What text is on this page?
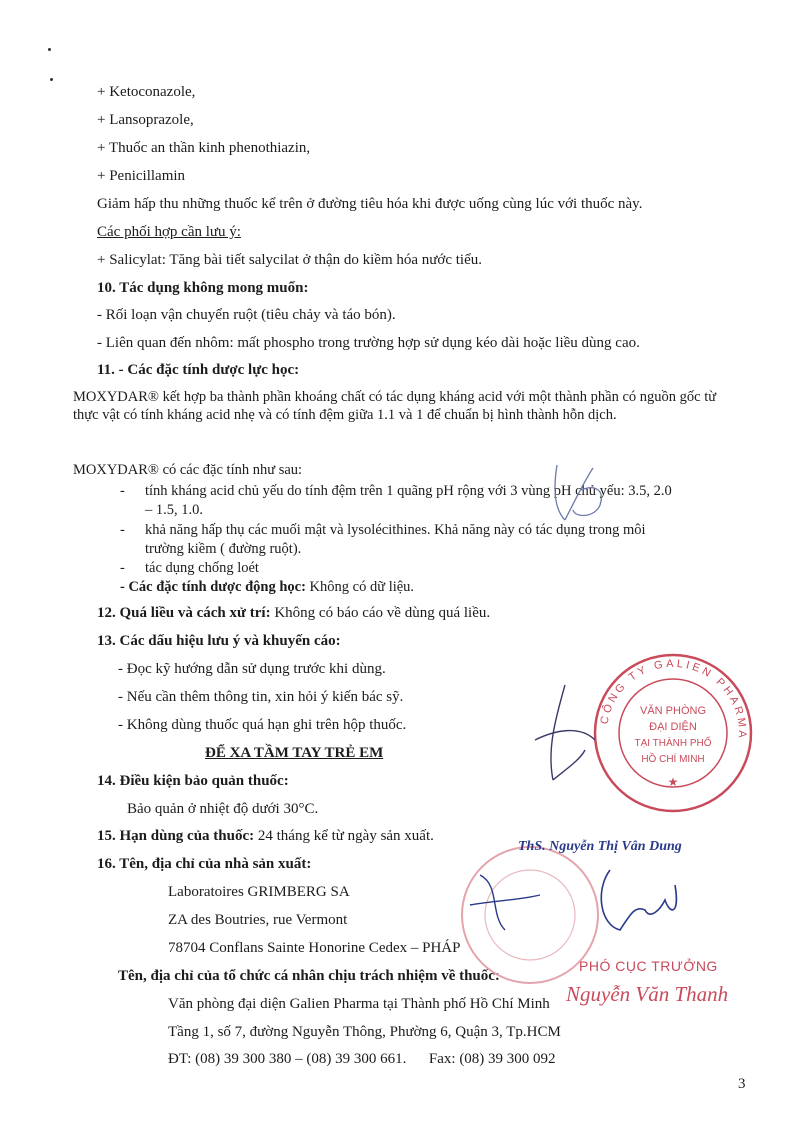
+ Ketoconazole,
+ Lansoprazole,
+ Thuốc an thần kinh phenothiazin,
+ Penicillamin
Giảm hấp thu những thuốc kể trên ở đường tiêu hóa khi được uống cùng lúc với thuốc này.
Các phối hợp cần lưu ý:
+ Salicylat: Tăng bài tiết salycilat ở thận do kiềm hóa nước tiểu.
10. Tác dụng không mong muốn:
- Rối loạn vận chuyển ruột (tiêu chảy và táo bón).
- Liên quan đến nhôm: mất phospho trong trường hợp sử dụng kéo dài hoặc liều dùng cao.
11. - Các đặc tính dược lực học:
MOXYDAR® kết hợp ba thành phần khoáng chất có tác dụng kháng acid với một thành phần có nguồn gốc từ thực vật có tính kháng acid nhẹ và có tính đệm giữa 1.1 và 1 để chuẩn bị hình thành hỗn dịch.
MOXYDAR® có các đặc tính như sau:
- tính kháng acid chủ yếu do tính đệm trên 1 quãng pH rộng với 3 vùng pH chủ yếu: 3.5, 2.0
– 1.5, 1.0.
- khả năng hấp thụ các muối mật và lysolécithines. Khả năng này có tác dụng trong môi
trường kiềm ( đường ruột).
- tác dụng chống loét
- Các đặc tính dược động học: Không có dữ liệu.
12. Quá liều và cách xử trí: Không có báo cáo về dùng quá liều.
13. Các dấu hiệu lưu ý và khuyến cáo:
- Đọc kỹ hướng dẫn sử dụng trước khi dùng.
- Nếu cần thêm thông tin, xin hỏi ý kiến bác sỹ.
- Không dùng thuốc quá hạn ghi trên hộp thuốc.
ĐỂ XA TẦM TAY TRẺ EM
14. Điều kiện bảo quản thuốc:
Bảo quản ở nhiệt độ dưới 30°C.
15. Hạn dùng của thuốc: 24 tháng kể từ ngày sản xuất.
16. Tên, địa chỉ của nhà sản xuất:
Laboratoires GRIMBERG SA
ZA des Boutries, rue Vermont
78704 Conflans Sainte Honorine Cedex – PHÁP
Tên, địa chỉ của tổ chức cá nhân chịu trách nhiệm về thuốc:
Văn phòng đại diện Galien Pharma tại Thành phố Hồ Chí Minh
Tầng 1, số 7, đường Nguyễn Thông, Phường 6, Quận 3, Tp.HCM
ĐT: (08) 39 300 380 – (08) 39 300 661.      Fax: (08) 39 300 092
3
CÔNG TY GALIEN PHARMA
VĂN PHÒNG
ĐẠI DIỆN
TẠI THÀNH PHỐ
HỒ CHÍ MINH
★
ThS. Nguyễn Thị Vân Dung
PHÓ CỤC TRƯỞNG
Nguyễn Văn Thanh
